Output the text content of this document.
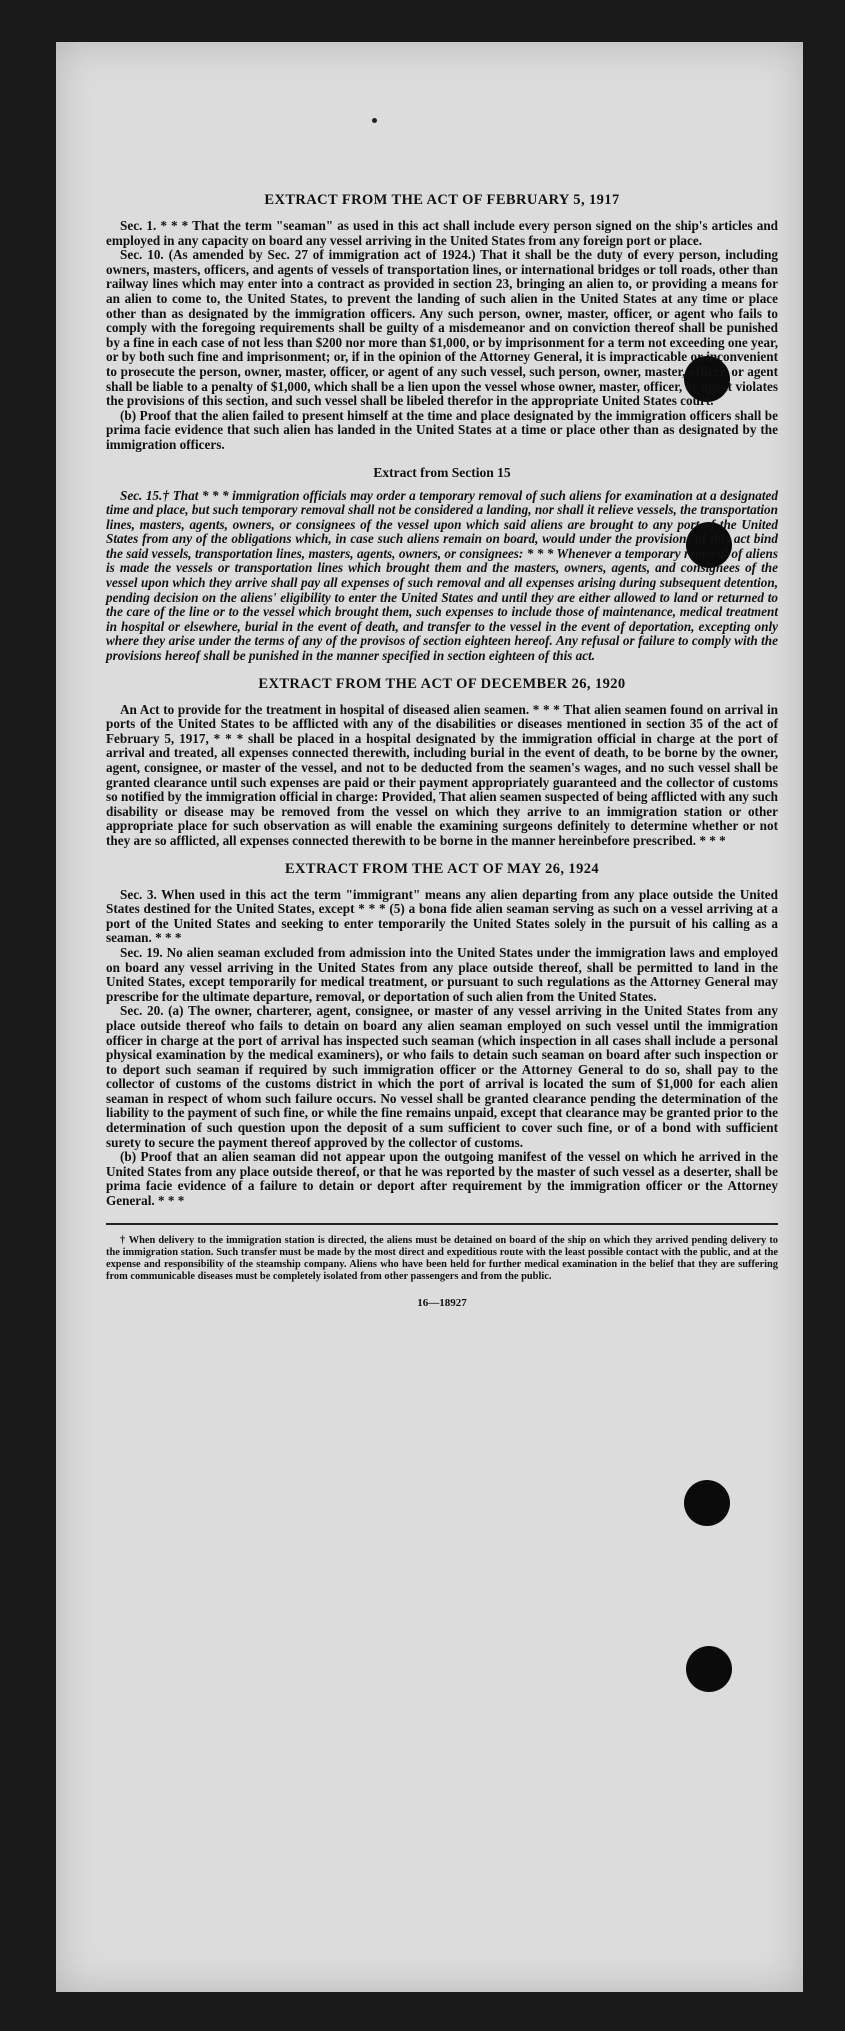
EXTRACT FROM THE ACT OF FEBRUARY 5, 1917

Sec. 1. * * * That the term "seaman" as used in this act shall include every person signed on the ship's articles and employed in any capacity on board any vessel arriving in the United States from any foreign port or place.

Sec. 10. (As amended by Sec. 27 of immigration act of 1924.) That it shall be the duty of every person, including owners, masters, officers, and agents of vessels of transportation lines, or international bridges or toll roads, other than railway lines which may enter into a contract as provided in section 23, bringing an alien to, or providing a means for an alien to come to, the United States, to prevent the landing of such alien in the United States at any time or place other than as designated by the immigration officers. Any such person, owner, master, officer, or agent who fails to comply with the foregoing requirements shall be guilty of a misdemeanor and on conviction thereof shall be punished by a fine in each case of not less than $200 nor more than $1,000, or by imprisonment for a term not exceeding one year, or by both such fine and imprisonment; or, if in the opinion of the Attorney General, it is impracticable or inconvenient to prosecute the person, owner, master, officer, or agent of any such vessel, such person, owner, master, officer, or agent shall be liable to a penalty of $1,000, which shall be a lien upon the vessel whose owner, master, officer, or agent violates the provisions of this section, and such vessel shall be libeled therefor in the appropriate United States court.

(b) Proof that the alien failed to present himself at the time and place designated by the immigration officers shall be prima facie evidence that such alien has landed in the United States at a time or place other than as designated by the immigration officers.

Extract from Section 15

Sec. 15.† That * * * immigration officials may order a temporary removal of such aliens for examination at a designated time and place, but such temporary removal shall not be considered a landing, nor shall it relieve vessels, the transportation lines, masters, agents, owners, or consignees of the vessel upon which said aliens are brought to any port of the United States from any of the obligations which, in case such aliens remain on board, would under the provisions of this act bind the said vessels, transportation lines, masters, agents, owners, or consignees: * * * Whenever a temporary removal of aliens is made the vessels or transportation lines which brought them and the masters, owners, agents, and consignees of the vessel upon which they arrive shall pay all expenses of such removal and all expenses arising during subsequent detention, pending decision on the aliens' eligibility to enter the United States and until they are either allowed to land or returned to the care of the line or to the vessel which brought them, such expenses to include those of maintenance, medical treatment in hospital or elsewhere, burial in the event of death, and transfer to the vessel in the event of deportation, excepting only where they arise under the terms of any of the provisos of section eighteen hereof. Any refusal or failure to comply with the provisions hereof shall be punished in the manner specified in section eighteen of this act.

EXTRACT FROM THE ACT OF DECEMBER 26, 1920

An Act to provide for the treatment in hospital of diseased alien seamen. * * * That alien seamen found on arrival in ports of the United States to be afflicted with any of the disabilities or diseases mentioned in section 35 of the act of February 5, 1917, * * * shall be placed in a hospital designated by the immigration official in charge at the port of arrival and treated, all expenses connected therewith, including burial in the event of death, to be borne by the owner, agent, consignee, or master of the vessel, and not to be deducted from the seamen's wages, and no such vessel shall be granted clearance until such expenses are paid or their payment appropriately guaranteed and the collector of customs so notified by the immigration official in charge: Provided, That alien seamen suspected of being afflicted with any such disability or disease may be removed from the vessel on which they arrive to an immigration station or other appropriate place for such observation as will enable the examining surgeons definitely to determine whether or not they are so afflicted, all expenses connected therewith to be borne in the manner hereinbefore prescribed. * * *

EXTRACT FROM THE ACT OF MAY 26, 1924

Sec. 3. When used in this act the term "immigrant" means any alien departing from any place outside the United States destined for the United States, except * * * (5) a bona fide alien seaman serving as such on a vessel arriving at a port of the United States and seeking to enter temporarily the United States solely in the pursuit of his calling as a seaman. * * *

Sec. 19. No alien seaman excluded from admission into the United States under the immigration laws and employed on board any vessel arriving in the United States from any place outside thereof, shall be permitted to land in the United States, except temporarily for medical treatment, or pursuant to such regulations as the Attorney General may prescribe for the ultimate departure, removal, or deportation of such alien from the United States.

Sec. 20. (a) The owner, charterer, agent, consignee, or master of any vessel arriving in the United States from any place outside thereof who fails to detain on board any alien seaman employed on such vessel until the immigration officer in charge at the port of arrival has inspected such seaman (which inspection in all cases shall include a personal physical examination by the medical examiners), or who fails to detain such seaman on board after such inspection or to deport such seaman if required by such immigration officer or the Attorney General to do so, shall pay to the collector of customs of the customs district in which the port of arrival is located the sum of $1,000 for each alien seaman in respect of whom such failure occurs. No vessel shall be granted clearance pending the determination of the liability to the payment of such fine, or while the fine remains unpaid, except that clearance may be granted prior to the determination of such question upon the deposit of a sum sufficient to cover such fine, or of a bond with sufficient surety to secure the payment thereof approved by the collector of customs.

(b) Proof that an alien seaman did not appear upon the outgoing manifest of the vessel on which he arrived in the United States from any place outside thereof, or that he was reported by the master of such vessel as a deserter, shall be prima facie evidence of a failure to detain or deport after requirement by the immigration officer or the Attorney General. * * *

† When delivery to the immigration station is directed, the aliens must be detained on board of the ship on which they arrived pending delivery to the immigration station. Such transfer must be made by the most direct and expeditious route with the least possible contact with the public, and at the expense and responsibility of the steamship company. Aliens who have been held for further medical examination in the belief that they are suffering from communicable diseases must be completely isolated from other passengers and from the public.

16—18927
